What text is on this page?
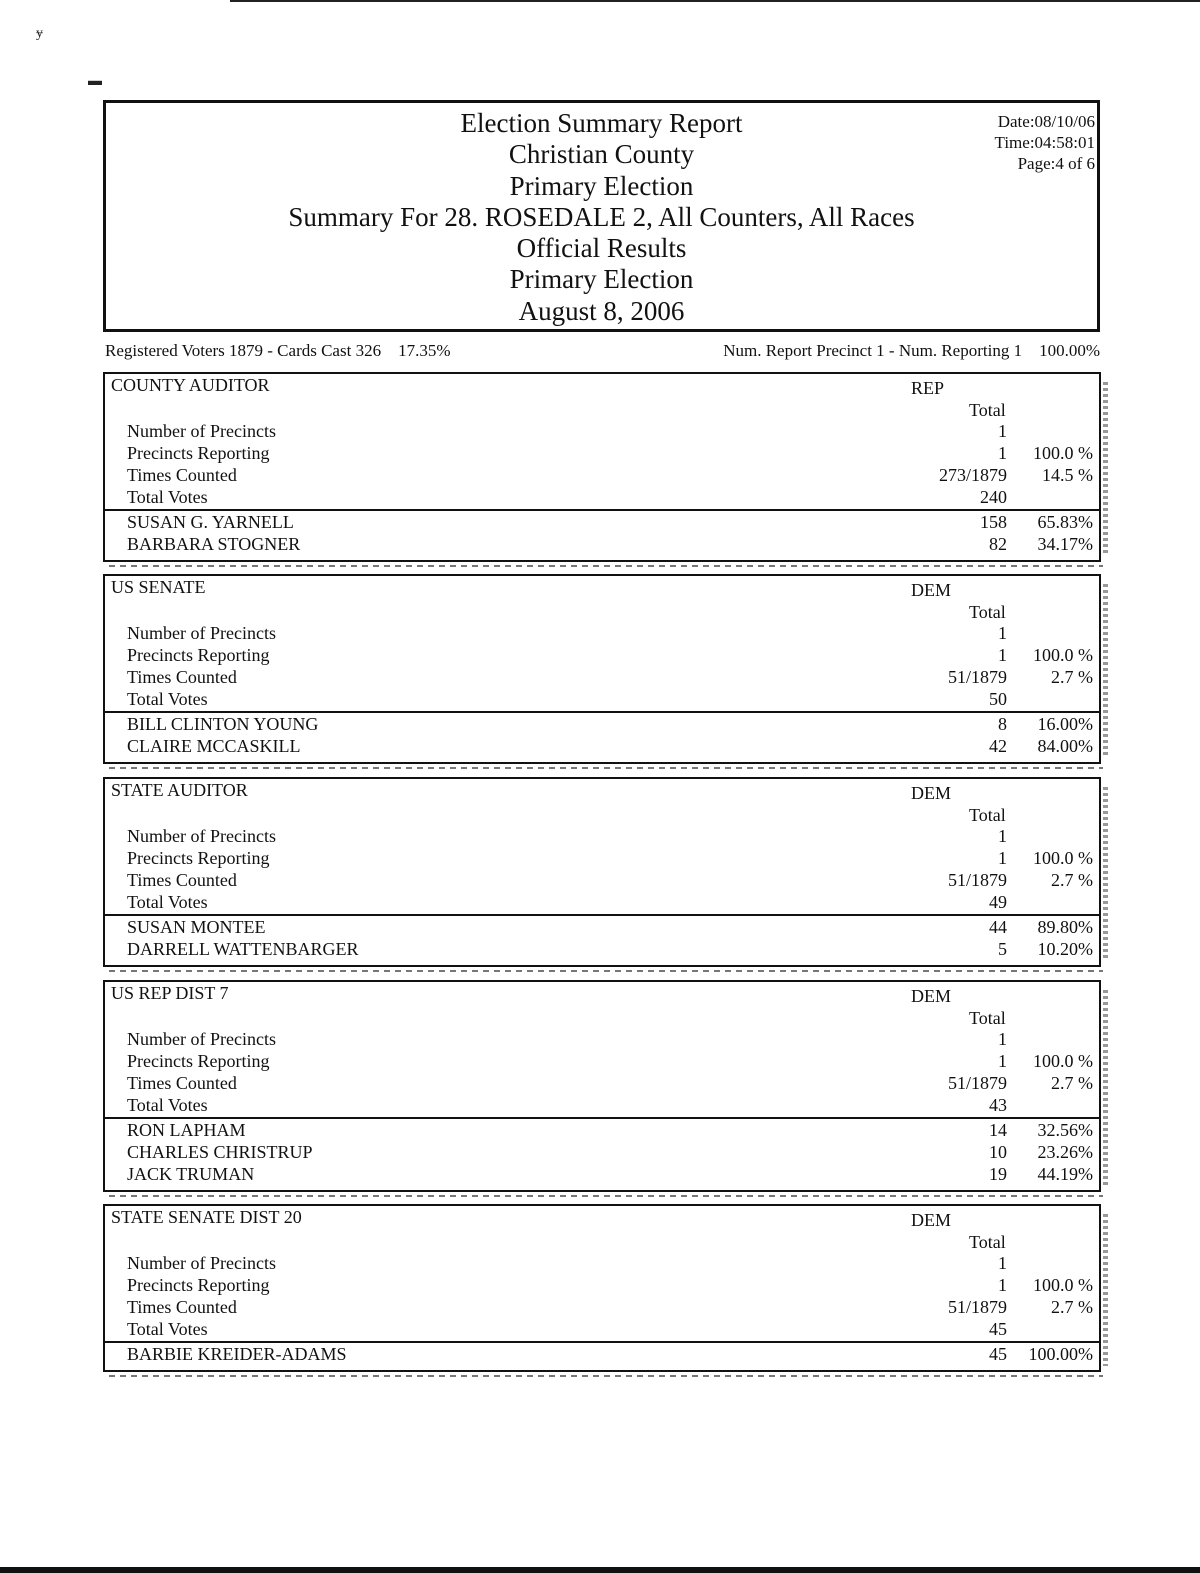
ɏ
▬
Election Summary Report
Christian County
Primary Election
Summary For 28. ROSEDALE 2, All Counters, All Races
Official Results
Primary Election
August 8, 2006
Date:08/10/06
Time:04:58:01
Page:4 of 6
Registered Voters 1879 - Cards Cast 326    17.35%	Num. Report Precinct 1 - Num. Reporting 1    100.00%
COUNTY AUDITOR	REP
Total
Number of Precincts	1
Precincts Reporting	1 100.0 %
Times Counted	273/1879 14.5 %
Total Votes	240
SUSAN G. YARNELL	158 65.83%
BARBARA STOGNER	82 34.17%
US SENATE	DEM
Total
Number of Precincts	1
Precincts Reporting	1 100.0 %
Times Counted	51/1879 2.7 %
Total Votes	50
BILL CLINTON YOUNG	8 16.00%
CLAIRE MCCASKILL	42 84.00%
STATE AUDITOR	DEM
Total
Number of Precincts	1
Precincts Reporting	1 100.0 %
Times Counted	51/1879 2.7 %
Total Votes	49
SUSAN MONTEE	44 89.80%
DARRELL WATTENBARGER	5 10.20%
US REP DIST 7	DEM
Total
Number of Precincts	1
Precincts Reporting	1 100.0 %
Times Counted	51/1879 2.7 %
Total Votes	43
RON LAPHAM	14 32.56%
CHARLES CHRISTRUP	10 23.26%
JACK TRUMAN	19 44.19%
STATE SENATE DIST 20	DEM
Total
Number of Precincts	1
Precincts Reporting	1 100.0 %
Times Counted	51/1879 2.7 %
Total Votes	45
BARBIE KREIDER-ADAMS	45 100.00%
